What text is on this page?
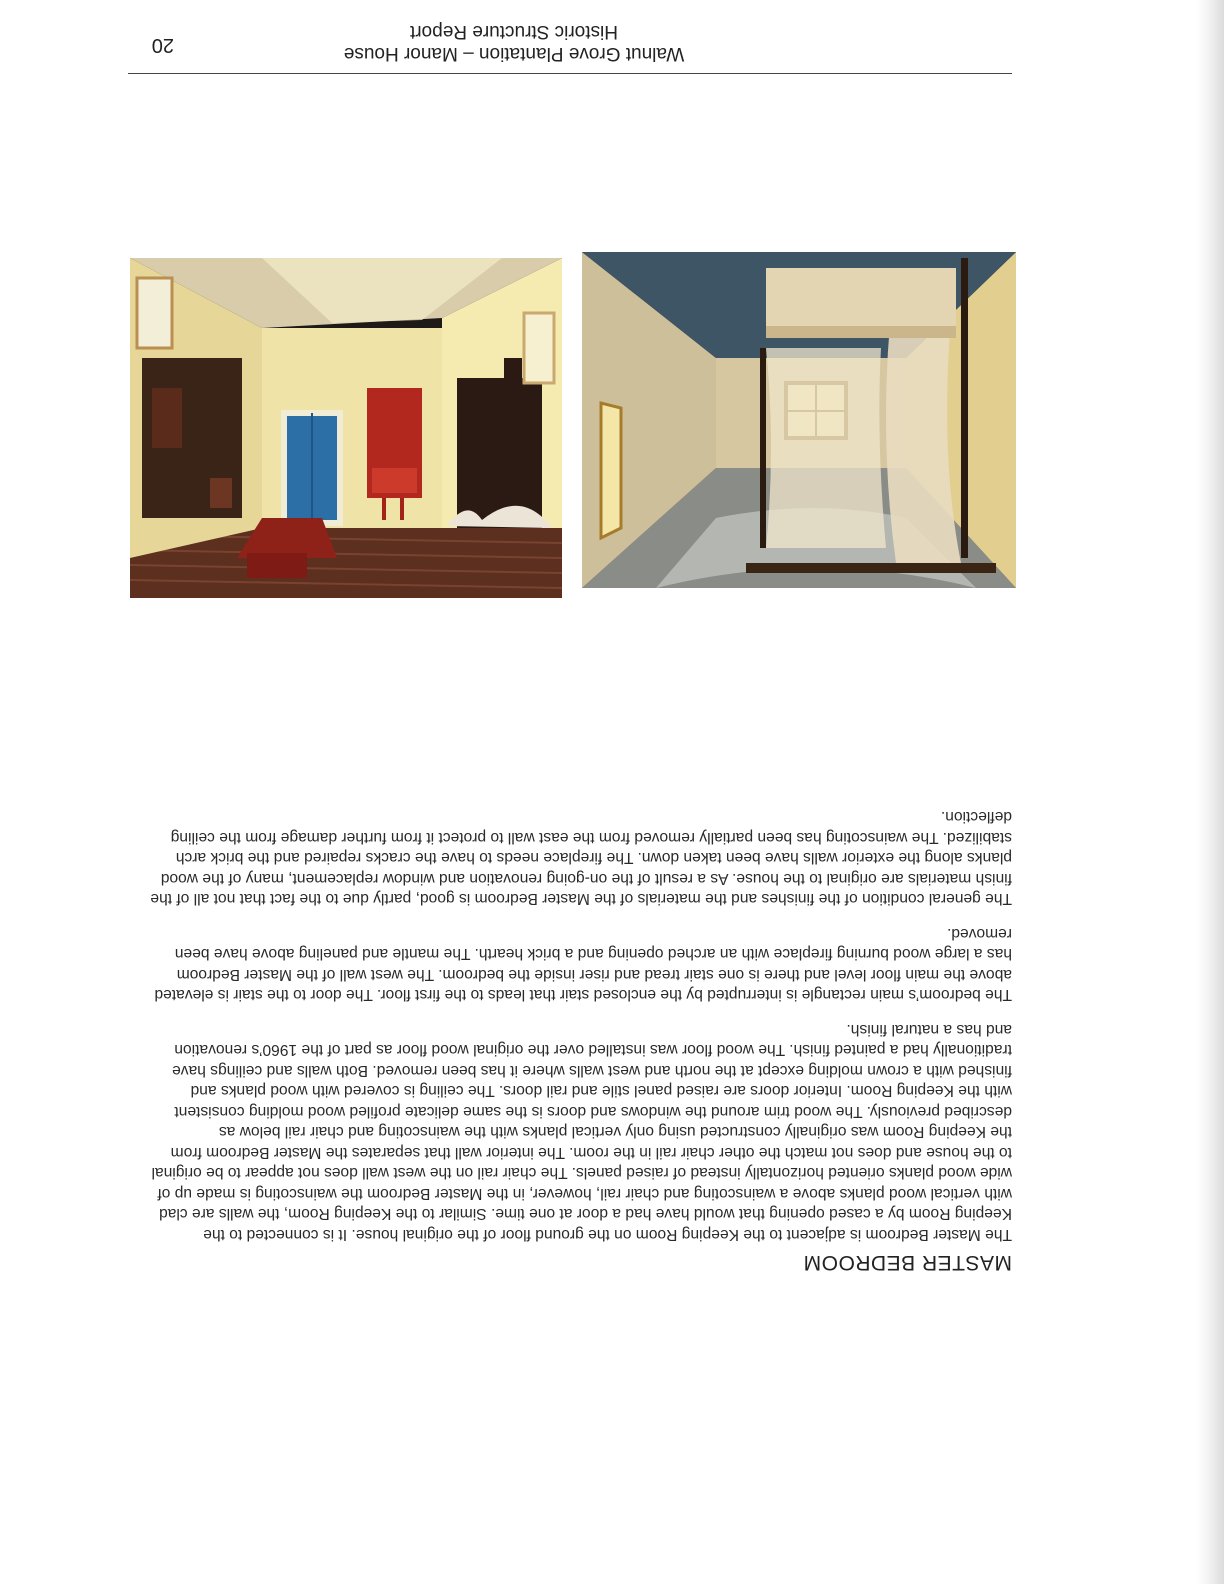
Walnut Grove Plantation – Manor House
Historic Structure Report
20
MASTER BEDROOM

The Master Bedroom is adjacent to the Keeping Room on the ground floor of the original house. It is connected to the Keeping Room by a cased opening that would have had a door at one time. Similar to the Keeping Room, the walls are clad with vertical wood planks above a wainscoting and chair rail, however, in the Master Bedroom the wainscoting is made up of wide wood planks oriented horizontally instead of raised panels. The chair rail on the west wall does not appear to be original to the house and does not match the other chair rail in the room. The interior wall that separates the Master Bedroom from the Keeping Room was originally constructed using only vertical planks with the wainscoting and chair rail below as described previously. The wood trim around the windows and doors is the same delicate profiled wood molding consistent with the Keeping Room. Interior doors are raised panel stile and rail doors. The ceiling is covered with wood planks and finished with a crown molding except at the north and west walls where it has been removed. Both walls and ceilings have traditionally had a painted finish. The wood floor was installed over the original wood floor as part of the 1960’s renovation and has a natural finish.

The bedroom’s main rectangle is interrupted by the enclosed stair that leads to the first floor. The door to the stair is elevated above the main floor level and there is one stair tread and riser inside the bedroom. The west wall of the Master Bedroom has a large wood burning fireplace with an arched opening and a brick hearth. The mantle and paneling above have been removed.

The general condition of the finishes and the materials of the Master Bedroom is good, partly due to the fact that not all of the finish materials are original to the house. As a result of the on-going renovation and window replacement, many of the wood planks along the exterior walls have been taken down. The fireplace needs to have the cracks repaired and the brick arch stabilized. The wainscoting has been partially removed from the east wall to protect it from further damage from the ceiling deflection.
